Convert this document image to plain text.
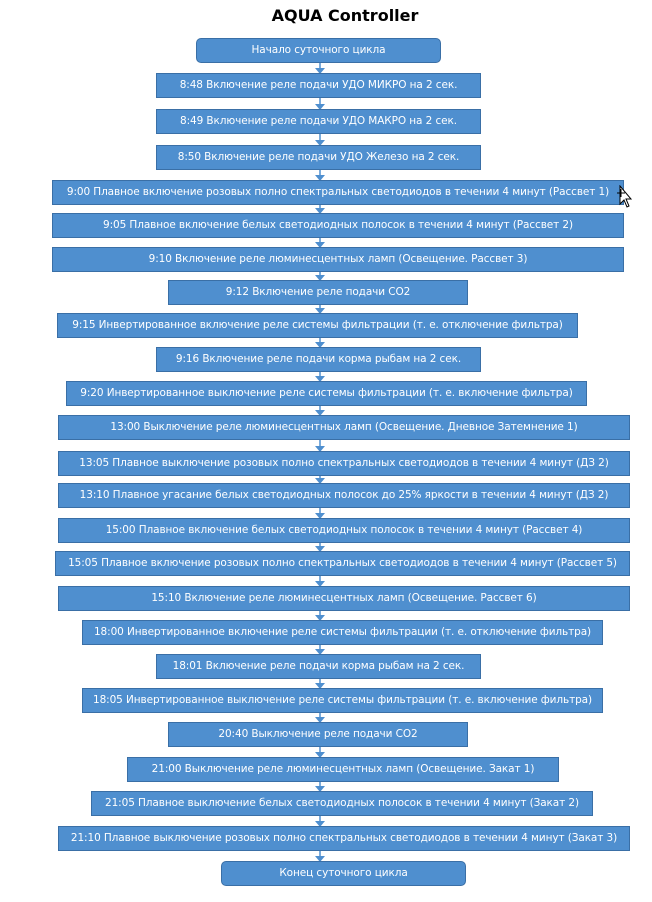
AQUA Controller
Начало суточного цикла
8:48 Включение реле подачи УДО МИКРО на 2 сек.
8:49 Включение реле подачи УДО МАКРО на 2 сек.
8:50 Включение реле подачи УДО Железо на 2 сек.
9:00 Плавное включение розовых полно спектральных светодиодов в течении 4 минут (Рассвет 1)
9:05 Плавное включение белых светодиодных полосок в течении 4 минут (Рассвет 2)
9:10 Включение реле люминесцентных ламп (Освещение. Рассвет 3)
9:12 Включение реле подачи CO2
9:15 Инвертированное включение реле системы фильтрации (т. е. отключение фильтра)
9:16 Включение реле подачи корма рыбам на 2 сек.
9:20 Инвертированное выключение реле системы фильтрации (т. е. включение фильтра)
13:00 Выключение реле люминесцентных ламп (Освещение. Дневное Затемнение 1)
13:05 Плавное выключение розовых полно спектральных светодиодов в течении 4 минут (ДЗ 2)
13:10 Плавное угасание белых светодиодных полосок до 25% яркости в течении 4 минут (ДЗ 2)
15:00 Плавное включение белых светодиодных полосок в течении 4 минут (Рассвет 4)
15:05 Плавное включение розовых полно спектральных светодиодов в течении 4 минут (Рассвет 5)
15:10 Включение реле люминесцентных ламп (Освещение. Рассвет 6)
18:00 Инвертированное включение реле системы фильтрации (т. е. отключение фильтра)
18:01 Включение реле подачи корма рыбам на 2 сек.
18:05 Инвертированное выключение реле системы фильтрации (т. е. включение фильтра)
20:40 Выключение реле подачи CO2
21:00 Выключение реле люминесцентных ламп (Освещение. Закат 1)
21:05 Плавное выключение белых светодиодных полосок в течении 4 минут (Закат 2)
21:10 Плавное выключение розовых полно спектральных светодиодов в течении 4 минут (Закат 3)
Конец суточного цикла
